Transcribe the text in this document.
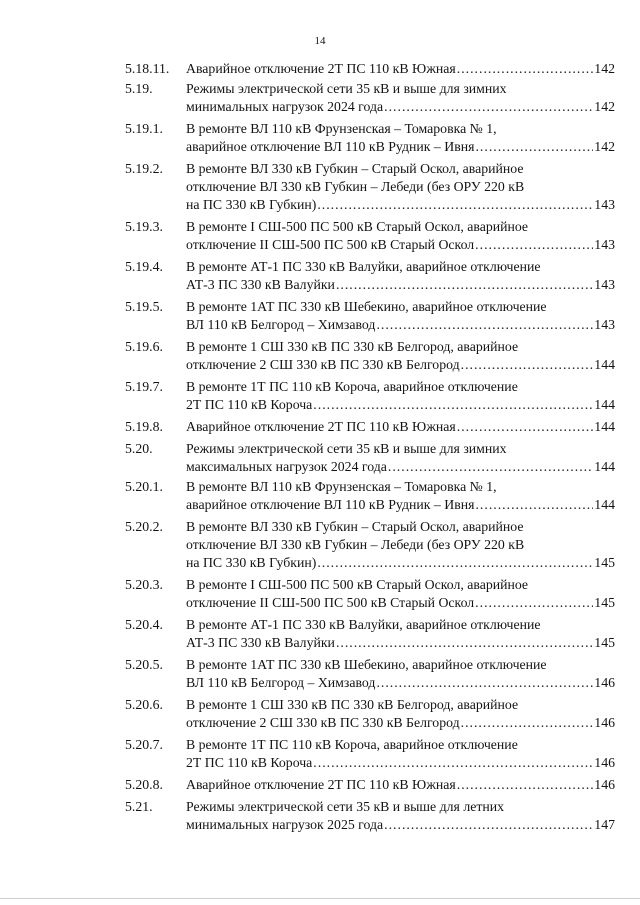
14
5.18.11.	Аварийное отключение 2Т ПС 110 кВ Южная .....	142
5.19.	Режимы электрической сети 35 кВ и выше для зимних
минимальных нагрузок 2024 года .....	142
5.19.1.	В ремонте ВЛ 110 кВ Фрунзенская – Томаровка № 1,
аварийное отключение ВЛ 110 кВ Рудник – Ивня .....	142
5.19.2.	В ремонте ВЛ 330 кВ Губкин – Старый Оскол, аварийное
отключение ВЛ 330 кВ Губкин – Лебеди (без ОРУ 220 кВ
на ПС 330 кВ Губкин) .....	143
5.19.3.	В ремонте I СШ-500 ПС 500 кВ Старый Оскол, аварийное
отключение II СШ-500 ПС 500 кВ Старый Оскол .....	143
5.19.4.	В ремонте АТ-1 ПС 330 кВ Валуйки, аварийное отключение
АТ-3 ПС 330 кВ Валуйки .....	143
5.19.5.	В ремонте 1АТ ПС 330 кВ Шебекино, аварийное отключение
ВЛ 110 кВ Белгород – Химзавод .....	143
5.19.6.	В ремонте 1 СШ 330 кВ ПС 330 кВ Белгород, аварийное
отключение 2 СШ 330 кВ ПС 330 кВ Белгород .....	144
5.19.7.	В ремонте 1Т ПС 110 кВ Короча, аварийное отключение
2Т ПС 110 кВ Короча .....	144
5.19.8.	Аварийное отключение 2Т ПС 110 кВ Южная .....	144
5.20.	Режимы электрической сети 35 кВ и выше для зимних
максимальных нагрузок 2024 года .....	144
5.20.1.	В ремонте ВЛ 110 кВ Фрунзенская – Томаровка № 1,
аварийное отключение ВЛ 110 кВ Рудник – Ивня .....	144
5.20.2.	В ремонте ВЛ 330 кВ Губкин – Старый Оскол, аварийное
отключение ВЛ 330 кВ Губкин – Лебеди (без ОРУ 220 кВ
на ПС 330 кВ Губкин) .....	145
5.20.3.	В ремонте I СШ-500 ПС 500 кВ Старый Оскол, аварийное
отключение II СШ-500 ПС 500 кВ Старый Оскол .....	145
5.20.4.	В ремонте АТ-1 ПС 330 кВ Валуйки, аварийное отключение
АТ-3 ПС 330 кВ Валуйки .....	145
5.20.5.	В ремонте 1АТ ПС 330 кВ Шебекино, аварийное отключение
ВЛ 110 кВ Белгород – Химзавод .....	146
5.20.6.	В ремонте 1 СШ 330 кВ ПС 330 кВ Белгород, аварийное
отключение 2 СШ 330 кВ ПС 330 кВ Белгород .....	146
5.20.7.	В ремонте 1Т ПС 110 кВ Короча, аварийное отключение
2Т ПС 110 кВ Короча .....	146
5.20.8.	Аварийное отключение 2Т ПС 110 кВ Южная .....	146
5.21.	Режимы электрической сети 35 кВ и выше для летних
минимальных нагрузок 2025 года .....	147
